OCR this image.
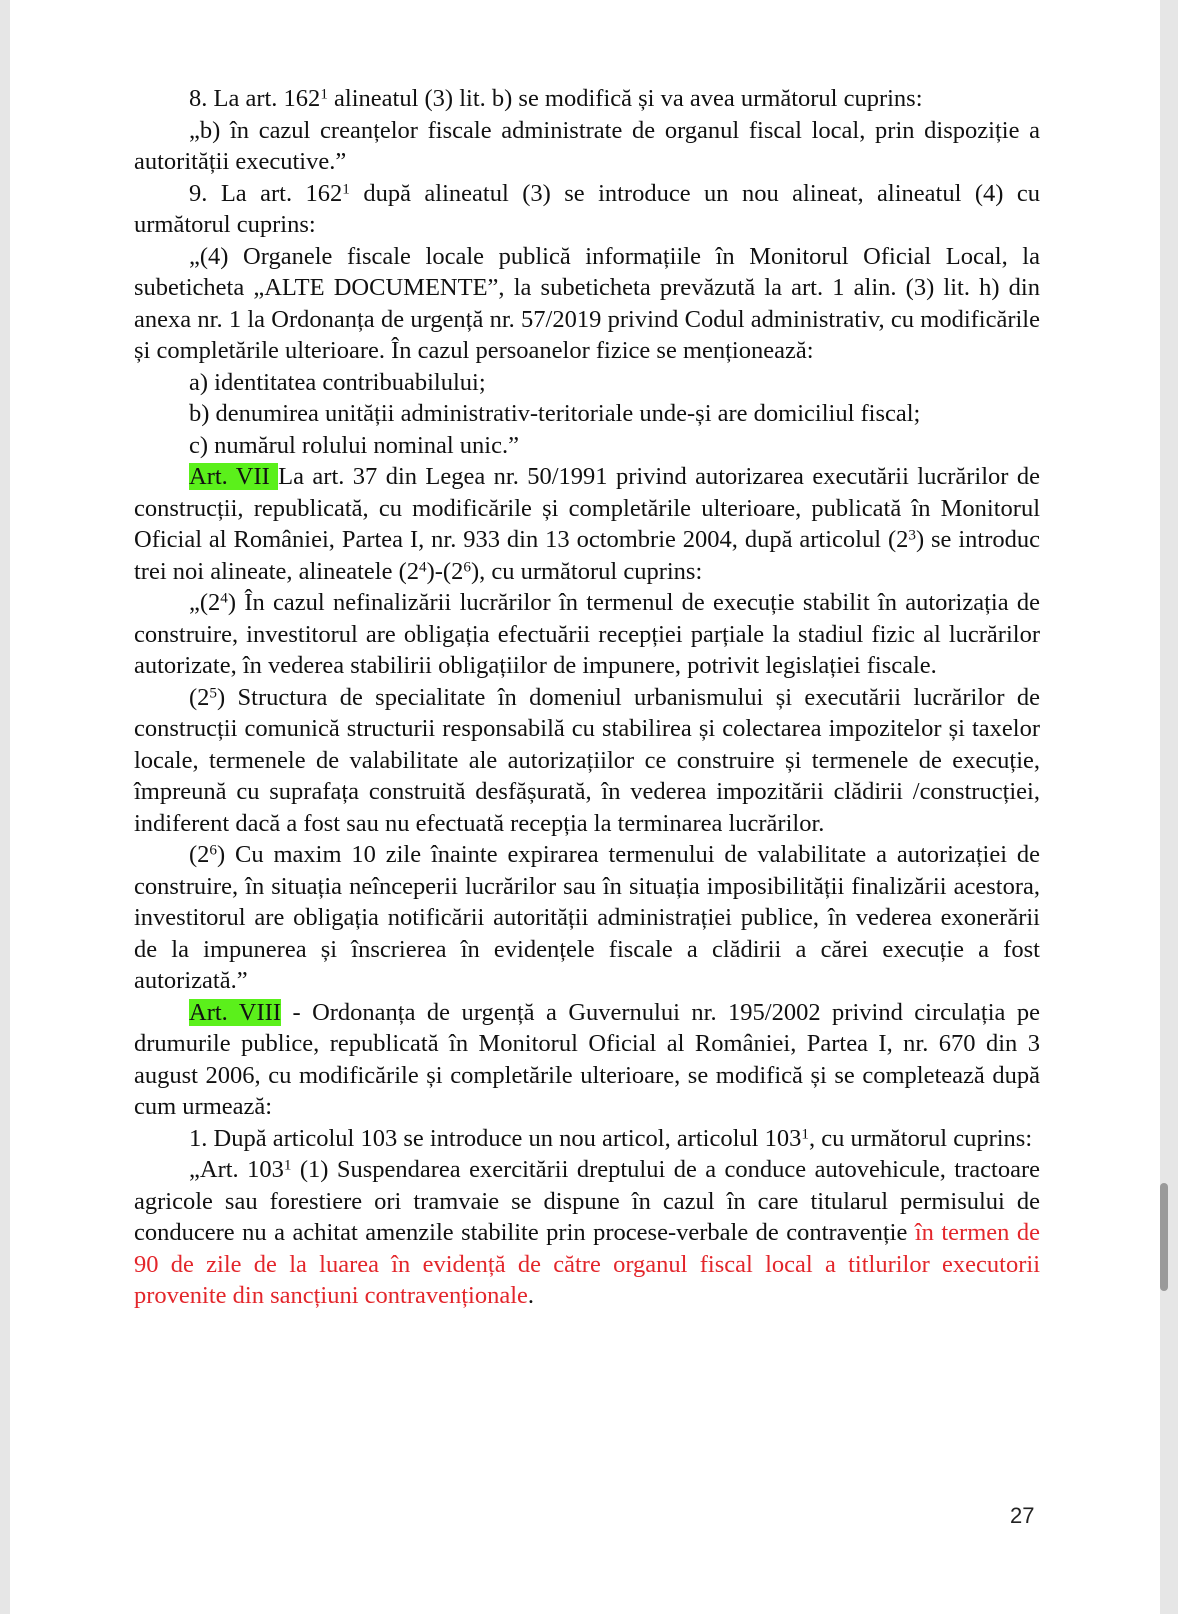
8. La art. $162^1$ alineatul (3) lit. b) se modifică și va avea următorul cuprins:

„b) în cazul creanțelor fiscale administrate de organul fiscal local, prin dispoziție a autorității executive.”

9. La art. $162^1$ după alineatul (3) se introduce un nou alineat, alineatul (4) cu următorul cuprins:

„(4) Organele fiscale locale publică informațiile în Monitorul Oficial Local, la subeticheta „ALTE DOCUMENTE”, la subeticheta prevăzută la art. 1 alin. (3) lit. h) din anexa nr. 1 la Ordonanța de urgență nr. 57/2019 privind Codul administrativ, cu modificările și completările ulterioare. În cazul persoanelor fizice se menționează:

a) identitatea contribuabilului;

b) denumirea unității administrativ-teritoriale unde-și are domiciliul fiscal;

c) numărul rolului nominal unic.”

Art. VII La art. 37 din Legea nr. 50/1991 privind autorizarea executării lucrărilor de construcții, republicată, cu modificările și completările ulterioare, publicată în Monitorul Oficial al României, Partea I, nr. 933 din 13 octombrie 2004, după articolul $(2^3)$ se introduc trei noi alineate, alineatele $(2^4)-(2^6)$, cu următorul cuprins:

$„(2^4)$ În cazul nefinalizării lucrărilor în termenul de execuție stabilit în autorizația de construire, investitorul are obligația efectuării recepției parțiale la stadiul fizic al lucrărilor autorizate, în vederea stabilirii obligațiilor de impunere, potrivit legislației fiscale.

$(2^5)$ Structura de specialitate în domeniul urbanismului și executării lucrărilor de construcții comunică structurii responsabilă cu stabilirea și colectarea impozitelor și taxelor locale, termenele de valabilitate ale autorizațiilor ce construire și termenele de execuție, împreună cu suprafața construită desfășurată, în vederea impozitării clădirii /construcției, indiferent dacă a fost sau nu efectuată recepția la terminarea lucrărilor.

$(2^6)$ Cu maxim 10 zile înainte expirarea termenului de valabilitate a autorizației de construire, în situația neînceperii lucrărilor sau în situația imposibilității finalizării acestora, investitorul are obligația notificării autorității administrației publice, în vederea exonerării de la impunerea și înscrierea în evidențele fiscale a clădirii a cărei execuție a fost autorizată.”

Art. VIII - Ordonanța de urgență a Guvernului nr. 195/2002 privind circulația pe drumurile publice, republicată în Monitorul Oficial al României, Partea I, nr. 670 din 3 august 2006, cu modificările și completările ulterioare, se modifică și se completează după cum urmează:

1. După articolul 103 se introduce un nou articol, articolul $103^1$, cu următorul cuprins:

„Art. $103^1$ (1) Suspendarea exercitării dreptului de a conduce autovehicule, tractoare agricole sau forestiere ori tramvaie se dispune în cazul în care titularul permisului de conducere nu a achitat amenzile stabilite prin procese-verbale de contravenție în termen de 90 de zile de la luarea în evidență de către organul fiscal local a titlurilor executorii provenite din sancțiuni contravenționale.

27
